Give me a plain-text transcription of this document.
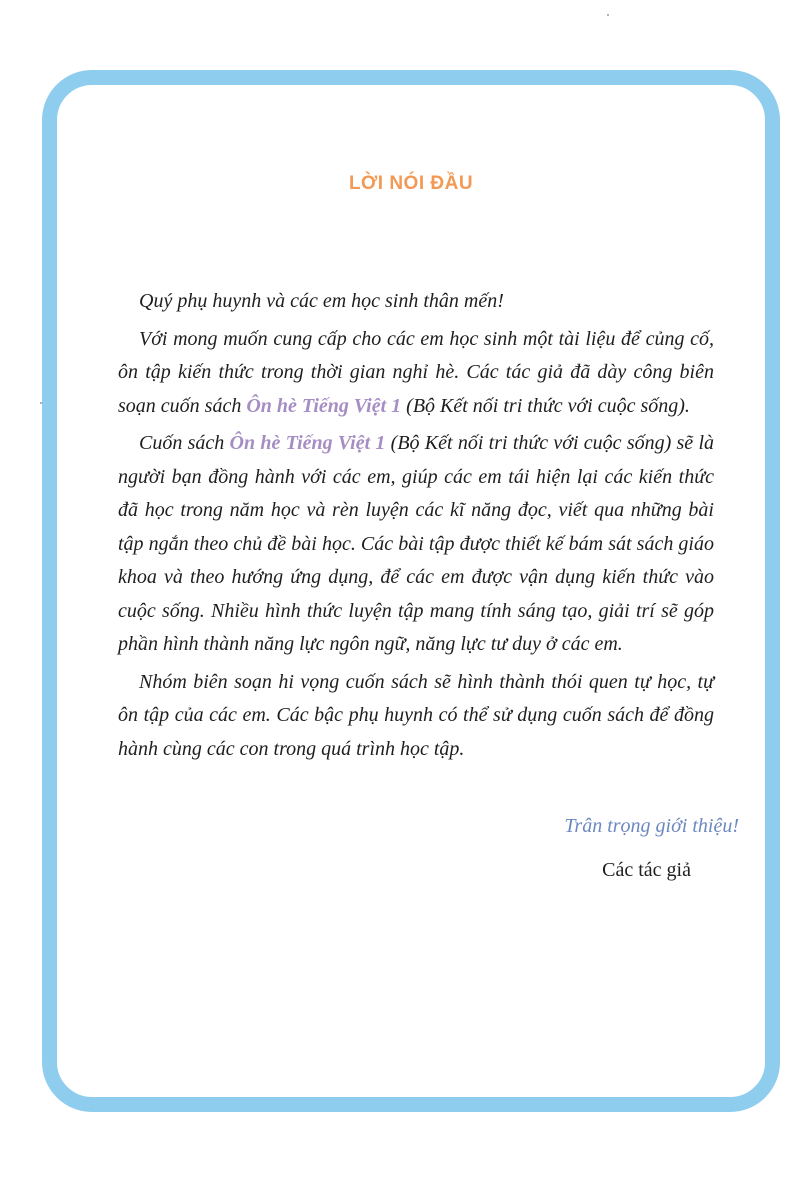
LỜI NÓI ĐẦU

Quý phụ huynh và các em học sinh thân mến!

Với mong muốn cung cấp cho các em học sinh một tài liệu để củng cố, ôn tập kiến thức trong thời gian nghỉ hè. Các tác giả đã dày công biên soạn cuốn sách Ôn hè Tiếng Việt 1 (Bộ Kết nối tri thức với cuộc sống).

Cuốn sách Ôn hè Tiếng Việt 1 (Bộ Kết nối tri thức với cuộc sống) sẽ là người bạn đồng hành với các em, giúp các em tái hiện lại các kiến thức đã học trong năm học và rèn luyện các kĩ năng đọc, viết qua những bài tập ngắn theo chủ đề bài học. Các bài tập được thiết kế bám sát sách giáo khoa và theo hướng ứng dụng, để các em được vận dụng kiến thức vào cuộc sống. Nhiều hình thức luyện tập mang tính sáng tạo, giải trí sẽ góp phần hình thành năng lực ngôn ngữ, năng lực tư duy ở các em.

Nhóm biên soạn hi vọng cuốn sách sẽ hình thành thói quen tự học, tự ôn tập của các em. Các bậc phụ huynh có thể sử dụng cuốn sách để đồng hành cùng các con trong quá trình học tập.

Trân trọng giới thiệu!
Các tác giả
